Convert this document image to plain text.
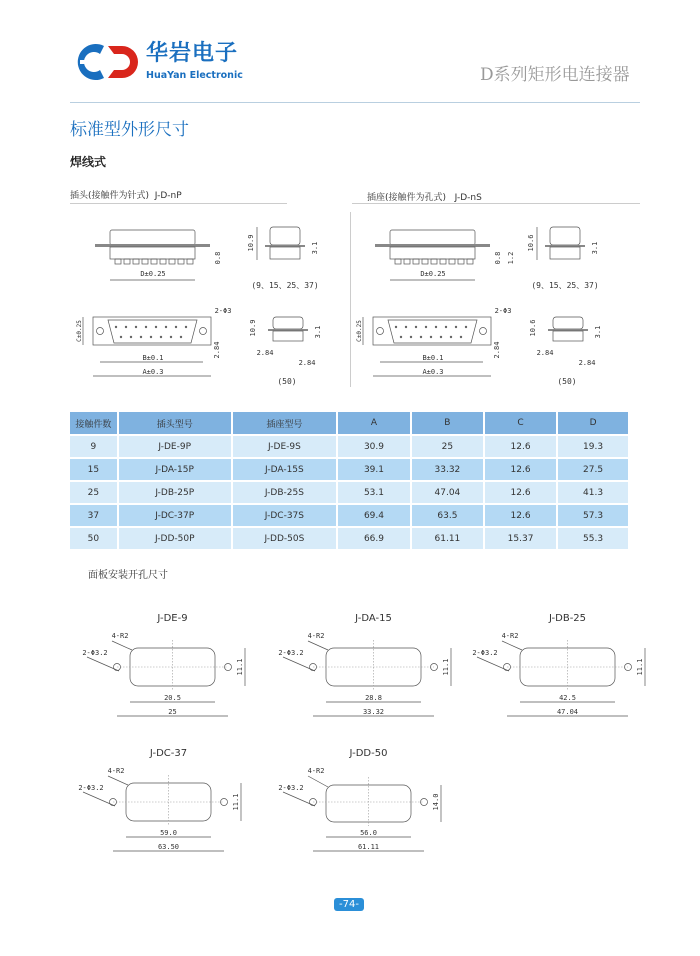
华岩电子
HuaYan Electronic	D系列矩形电连接器
标准型外形尺寸
焊线式
插头(接触件为针式) J-D-nP	插座(接触件为孔式) J-D-nS
D±0.25
0.8
10.9	3.1
(9、15、25、37)
C±0.25
B±0.1
A±0.3
2-Φ3
2.84
10.9	3.1
2.84
2.84
(50)
D±0.25
0.8 1.2
10.6	3.1
(9、15、25、37)
C±0.25
B±0.1
A±0.3
2-Φ3
2.84
10.6	3.1
2.84
2.84
(50)
接触件数	插头型号	插座型号	A	B	C	D
9	J-DE-9P	J-DE-9S	30.9	25	12.6	19.3
15	J-DA-15P	J-DA-15S	39.1	33.32	12.6	27.5
25	J-DB-25P	J-DB-25S	53.1	47.04	12.6	41.3
37	J-DC-37P	J-DC-37S	69.4	63.5	12.6	57.3
50	J-DD-50P	J-DD-50S	66.9	61.11	15.37	55.3
面板安装开孔尺寸
J-DE-9
20.5
25
11.1
4-R2
2-Φ3.2
J-DA-15
28.8
33.32
11.1
4-R2
2-Φ3.2
J-DB-25
42.5
47.04
11.1
4-R2
2-Φ3.2
J-DC-37
59.0
63.50
11.1
4-R2
2-Φ3.2
J-DD-50
56.0
61.11
14.0
4-R2
2-Φ3.2
-74-
